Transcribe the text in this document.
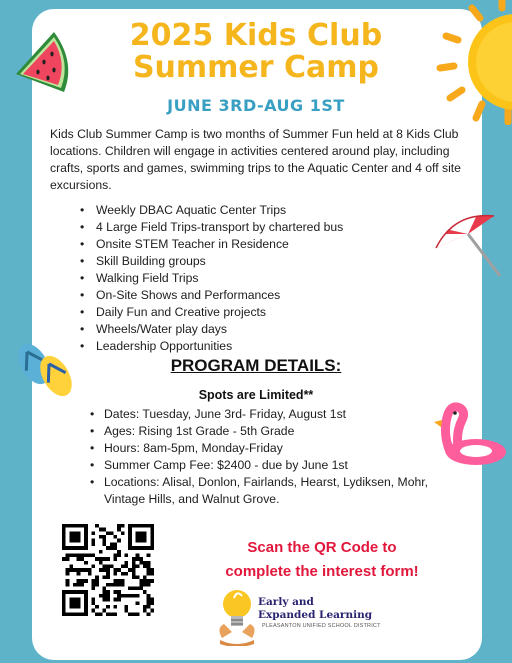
2025 Kids Club
Summer Camp
JUNE 3RD-AUG 1ST
Kids Club Summer Camp is two months of Summer Fun held at 8 Kids Club locations. Children will engage in activities centered around play, including crafts, sports and games, swimming trips to the Aquatic Center and 4 off site excursions.
• Weekly DBAC Aquatic Center Trips
• 4 Large Field Trips-transport by chartered bus
• Onsite STEM Teacher in Residence
• Skill Building groups
• Walking Field Trips
• On-Site Shows and Performances
• Daily Fun and Creative projects
• Wheels/Water play days
• Leadership Opportunities
PROGRAM DETAILS:
Spots are Limited**
• Dates: Tuesday, June 3rd- Friday, August 1st
• Ages: Rising 1st Grade - 5th Grade
• Hours: 8am-5pm, Monday-Friday
• Summer Camp Fee: $2400 - due by June 1st
• Locations: Alisal, Donlon, Fairlands, Hearst, Lydiksen, Mohr, Vintage Hills, and Walnut Grove.
Scan the QR Code to
complete the interest form!
Early and
Expanded Learning
PLEASANTON UNIFIED SCHOOL DISTRICT
